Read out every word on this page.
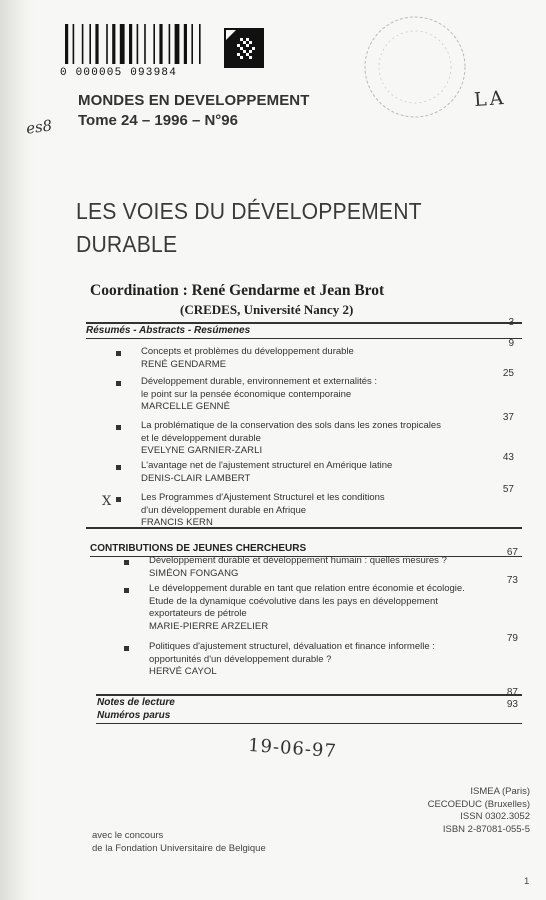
0 000005 093984
es8
LA
MONDES EN DEVELOPPEMENT
Tome 24 – 1996 – N°96
LES VOIES DU DÉVELOPPEMENT
DURABLE
Coordination : René Gendarme et Jean Brot
(CREDES, Université Nancy 2)
Résumés - Abstracts - Resúmenes
3
Concepts et problèmes du développement durable
RENÉ GENDARME
9
Développement durable, environnement et externalités :
le point sur la pensée économique contemporaine
MARCELLE GENNÉ
25
La problématique de la conservation des sols dans les zones tropicales
et le développement durable
EVELYNE GARNIER-ZARLI
37
L'avantage net de l'ajustement structurel en Amérique latine
DENIS-CLAIR LAMBERT
43
Les Programmes d'Ajustement Structurel et les conditions
d'un développement durable en Afrique
FRANCIS KERN
57
X
CONTRIBUTIONS DE JEUNES CHERCHEURS
Développement durable et développement humain : quelles mesures ?
SIMÉON FONGANG
67
Le développement durable en tant que relation entre économie et écologie.
Etude de la dynamique coévolutive dans les pays en développement
exportateurs de pétrole
MARIE-PIERRE ARZELIER
73
Politiques d'ajustement structurel, dévaluation et finance informelle :
opportunités d'un développement durable ?
HERVÉ CAYOL
79
Notes de lecture
87
Numéros parus
93
19-06-97
ISMEA (Paris)
CECOEDUC (Bruxelles)
ISSN 0302.3052
ISBN 2-87081-055-5
avec le concours
de la Fondation Universitaire de Belgique
1
